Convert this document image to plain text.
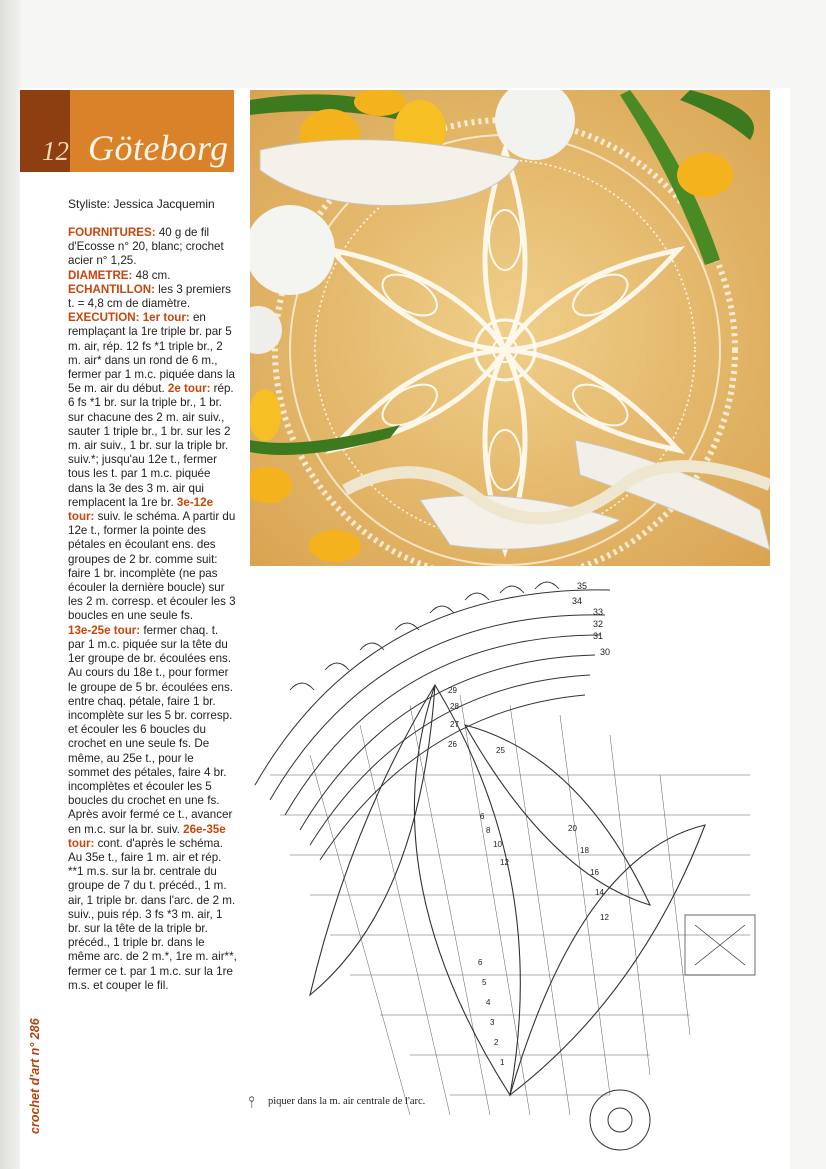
12 Göteborg
Styliste: Jessica Jacquemin

FOURNITURES: 40 g de fil d'Ecosse n° 20, blanc; crochet acier n° 1,25.
DIAMETRE: 48 cm.
ECHANTILLON: les 3 premiers t. = 4,8 cm de diamètre.
EXECUTION: 1er tour: en remplaçant la 1re triple br. par 5 m. air, rép. 12 fs *1 triple br., 2 m. air* dans un rond de 6 m., fermer par 1 m.c. piquée dans la 5e m. air du début. 2e tour: rép. 6 fs *1 br. sur la triple br., 1 br. sur chacune des 2 m. air suiv., sauter 1 triple br., 1 br. sur les 2 m. air suiv., 1 br. sur la triple br. suiv.*; jusqu'au 12e t., fermer tous les t. par 1 m.c. piquée dans la 3e des 3 m. air qui remplacent la 1re br. 3e-12e tour: suiv. le schéma. A partir du 12e t., former la pointe des pétales en écoulant ens. des groupes de 2 br. comme suit: faire 1 br. incomplète (ne pas écouler la dernière boucle) sur les 2 m. corresp. et écouler les 3 boucles en une seule fs.
13e-25e tour: fermer chaq. t. par 1 m.c. piquée sur la tête du 1er groupe de br. écoulées ens. Au cours du 18e t., pour former le groupe de 5 br. écoulées ens. entre chaq. pétale, faire 1 br. incomplète sur les 5 br. corresp. et écouler les 6 boucles du crochet en une seule fs. De même, au 25e t., pour le sommet des pétales, faire 4 br. incomplètes et écouler les 5 boucles du crochet en une fs. Après avoir fermé ce t., avancer en m.c. sur la br. suiv. 26e-35e tour: cont. d'après le schéma. Au 35e t., faire 1 m. air et rép. **1 m.s. sur la br. centrale du groupe de 7 du t. précéd., 1 m. air, 1 triple br. dans l'arc. de 2 m. suiv., puis rép. 3 fs *3 m. air, 1 br. sur la tête de la triple br. précéd., 1 triple br. dans le même arc. de 2 m.*, 1re m. air**, fermer ce t. par 1 m.c. sur la 1re m.s. et couper le fil.

crochet d'art n° 286
35
34
33
32
31
30
1
2
3
4
5
6
6
8
10
12
12
14
16
18
20
25
26
27
28
29
⫯ piquer dans la m. air centrale de l'arc.
